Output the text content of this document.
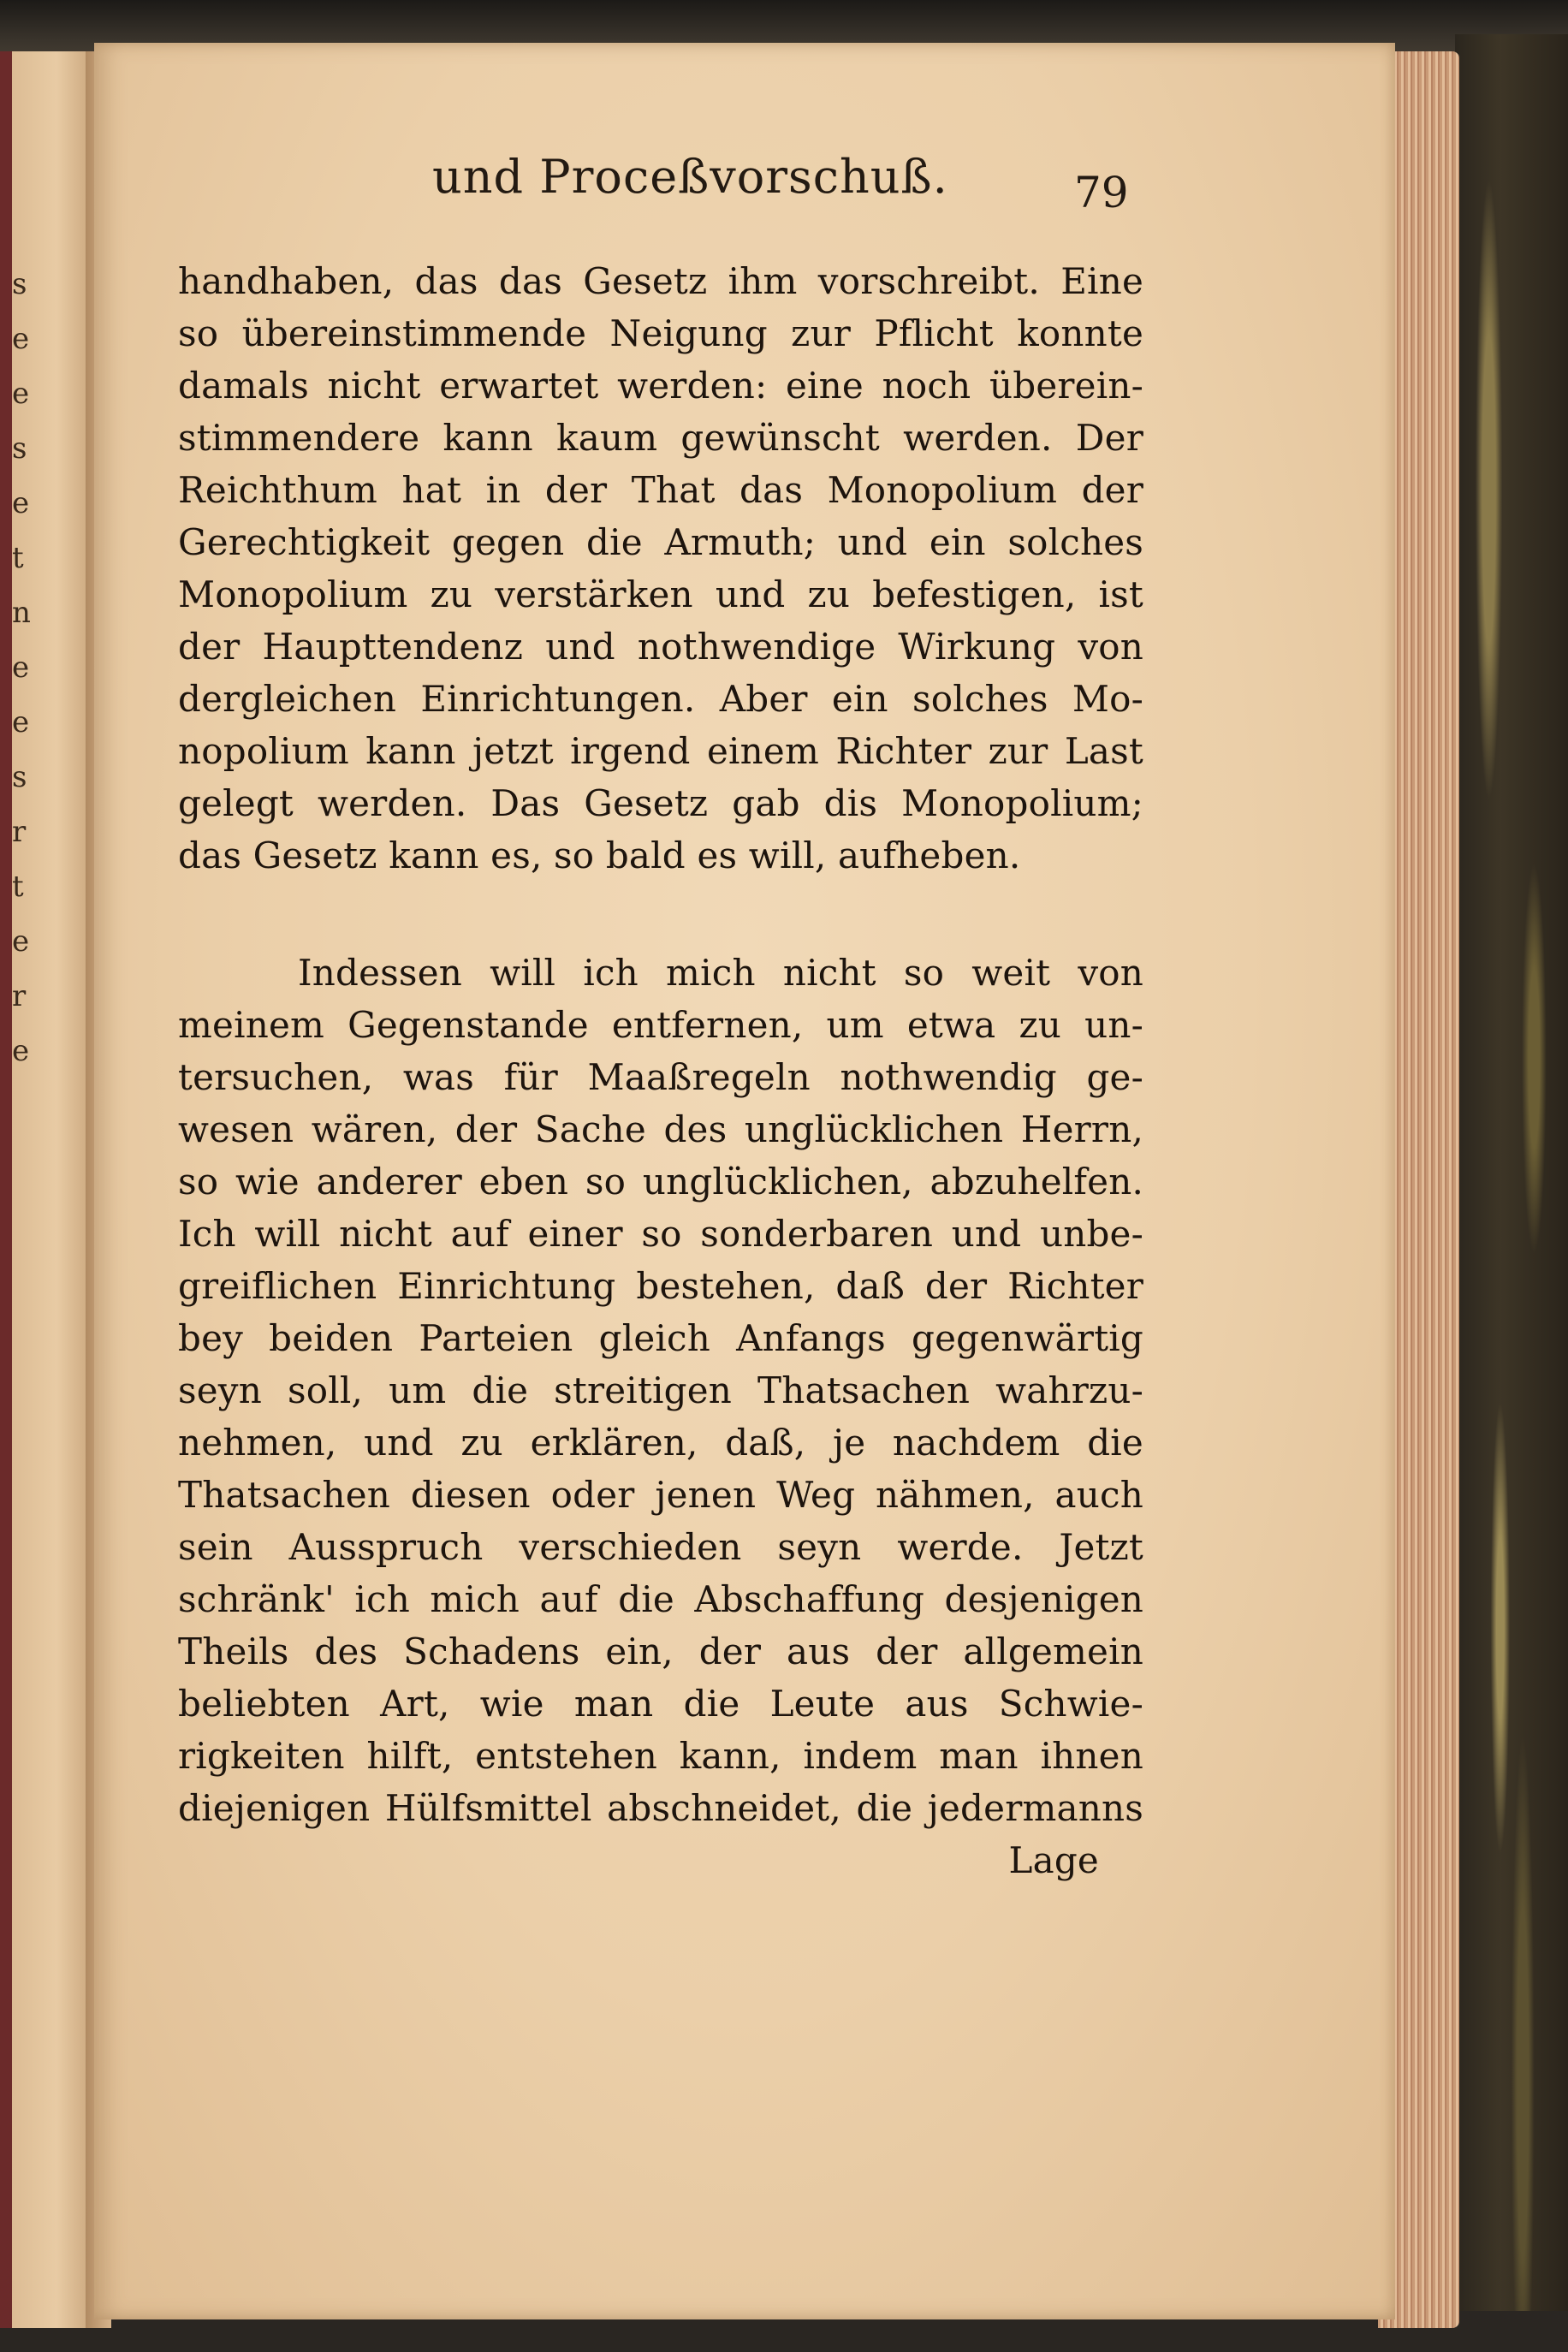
s
e
e
s
e
t
n
e
e
s
r
t
e
r
e
und Proceßvorschuß.	79
handhaben, das das Gesetz ihm vorschreibt. Eine
so übereinstimmende Neigung zur Pflicht konnte
damals nicht erwartet werden: eine noch überein-
stimmendere kann kaum gewünscht werden. Der
Reichthum hat in der That das Monopolium der
Gerechtigkeit gegen die Armuth; und ein solches
Monopolium zu verstärken und zu befestigen, ist
der Haupttendenz und nothwendige Wirkung von
dergleichen Einrichtungen. Aber ein solches Mo-
nopolium kann jetzt irgend einem Richter zur Last
gelegt werden. Das Gesetz gab dis Monopolium;
das Gesetz kann es, so bald es will, aufheben.
Indessen will ich mich nicht so weit von
meinem Gegenstande entfernen, um etwa zu un-
tersuchen, was für Maaßregeln nothwendig ge-
wesen wären, der Sache des unglücklichen Herrn,
so wie anderer eben so unglücklichen, abzuhelfen.
Ich will nicht auf einer so sonderbaren und unbe-
greiflichen Einrichtung bestehen, daß der Richter
bey beiden Parteien gleich Anfangs gegenwärtig
seyn soll, um die streitigen Thatsachen wahrzu-
nehmen, und zu erklären, daß, je nachdem die
Thatsachen diesen oder jenen Weg nähmen, auch
sein Ausspruch verschieden seyn werde. Jetzt
schränk' ich mich auf die Abschaffung desjenigen
Theils des Schadens ein, der aus der allgemein
beliebten Art, wie man die Leute aus Schwie-
rigkeiten hilft, entstehen kann, indem man ihnen
diejenigen Hülfsmittel abschneidet, die jedermanns
Lage
